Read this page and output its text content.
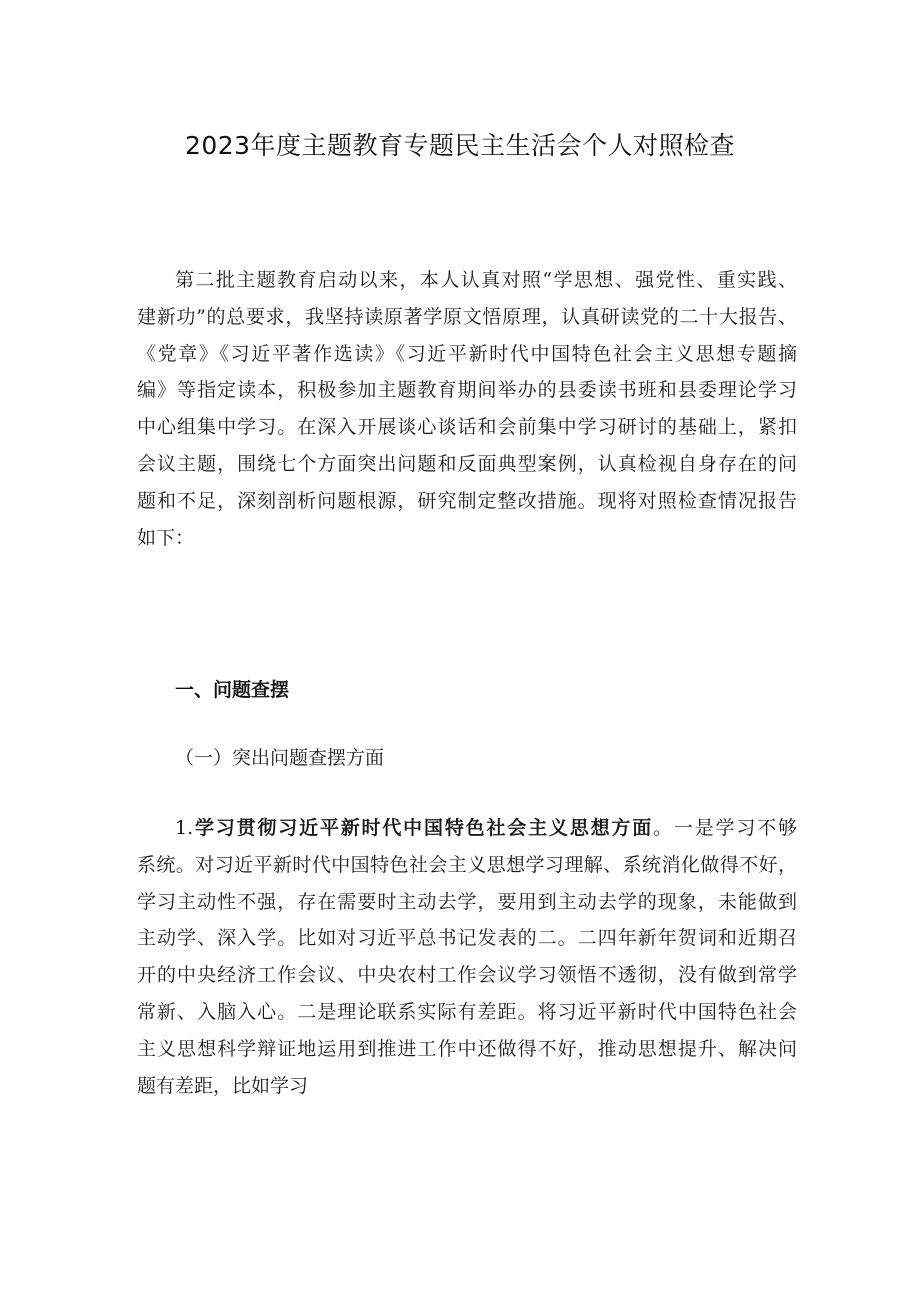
2023年度主题教育专题民主生活会个人对照检查
第二批主题教育启动以来，本人认真对照“学思想、强党性、重实践、
建新功”的总要求，我坚持读原著学原文悟原理，认真研读党的二十大报告、
《党章》《习近平著作选读》《习近平新时代中国特色社会主义思想专题摘
编》等指定读本，积极参加主题教育期间举办的县委读书班和县委理论学习
中心组集中学习。在深入开展谈心谈话和会前集中学习研讨的基础上，紧扣
会议主题，围绕七个方面突出问题和反面典型案例，认真检视自身存在的问
题和不足，深刻剖析问题根源，研究制定整改措施。现将对照检查情况报告
如下：
一、问题查摆
（一）突出问题查摆方面
1.学习贯彻习近平新时代中国特色社会主义思想方面。一是学习不够
系统。对习近平新时代中国特色社会主义思想学习理解、系统消化做得不好，
学习主动性不强，存在需要时主动去学，要用到主动去学的现象，未能做到
主动学、深入学。比如对习近平总书记发表的二。二四年新年贺词和近期召
开的中央经济工作会议、中央农村工作会议学习领悟不透彻，没有做到常学
常新、入脑入心。二是理论联系实际有差距。将习近平新时代中国特色社会
主义思想科学辩证地运用到推进工作中还做得不好，推动思想提升、解决问
题有差距，比如学习
